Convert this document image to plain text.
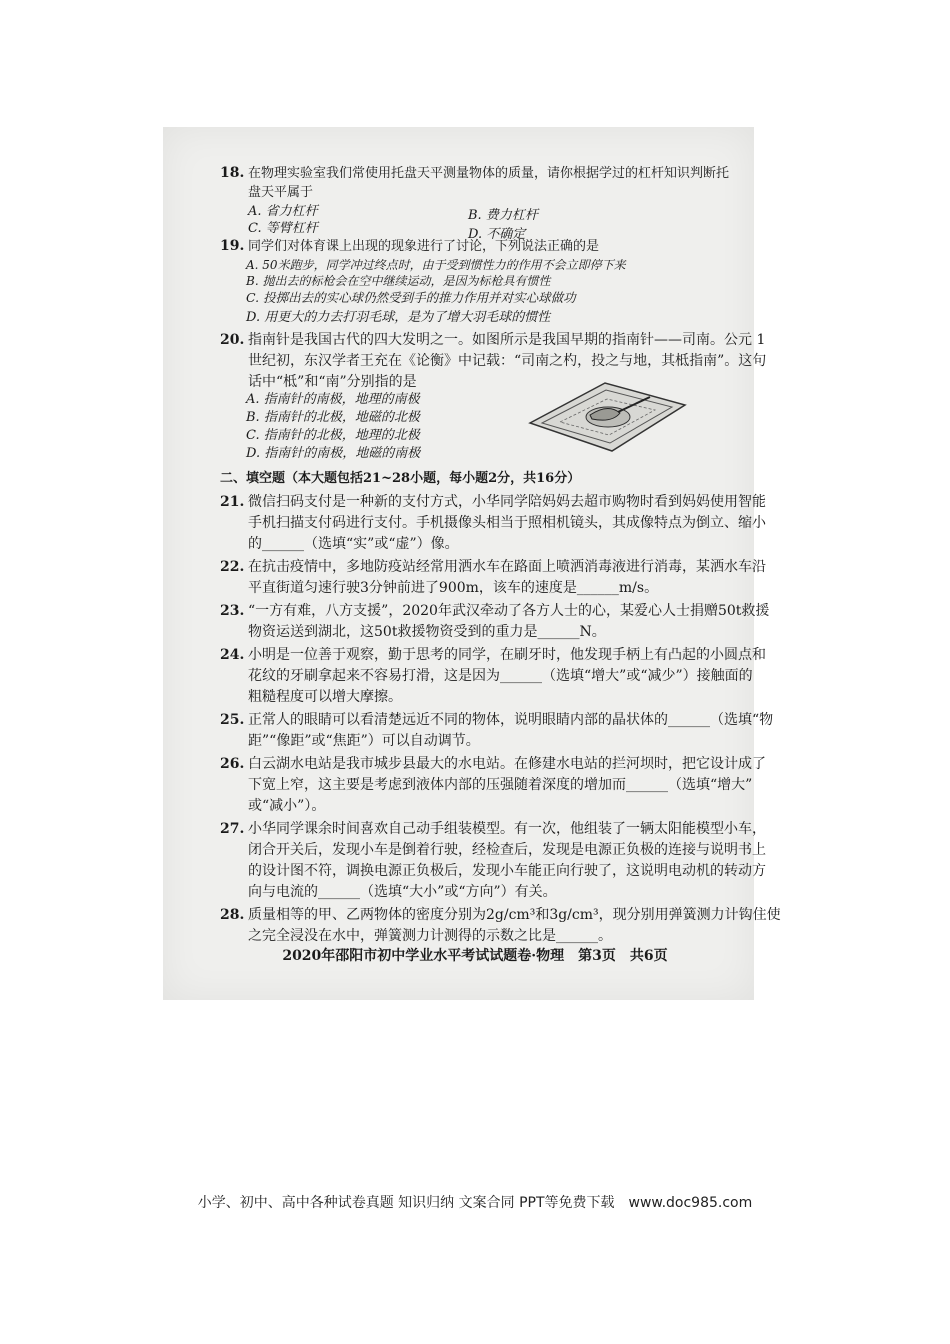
18. 在物理实验室我们常使用托盘天平测量物体的质量，请你根据学过的杠杆知识判断托
盘天平属于
A. 省力杠杆	B. 费力杠杆
C. 等臂杠杆	D. 不确定
19. 同学们对体育课上出现的现象进行了讨论，下列说法正确的是
A. 50米跑步，同学冲过终点时，由于受到惯性力的作用不会立即停下来
B. 抛出去的标枪会在空中继续运动，是因为标枪具有惯性
C. 投掷出去的实心球仍然受到手的推力作用并对实心球做功
D. 用更大的力去打羽毛球，是为了增大羽毛球的惯性
20. 指南针是我国古代的四大发明之一。如图所示是我国早期的指南针——司南。公元 1
世纪初，东汉学者王充在《论衡》中记载：“司南之杓，投之与地，其柢指南”。这句
话中“柢”和“南”分别指的是
A. 指南针的南极，地理的南极
B. 指南针的北极，地磁的北极
C. 指南针的北极，地理的北极
D. 指南针的南极，地磁的南极
二、填空题（本大题包括21~28小题，每小题2分，共16分）
21. 微信扫码支付是一种新的支付方式，小华同学陪妈妈去超市购物时看到妈妈使用智能
手机扫描支付码进行支付。手机摄像头相当于照相机镜头，其成像特点为倒立、缩小
的______（选填“实”或“虚”）像。
22. 在抗击疫情中，多地防疫站经常用洒水车在路面上喷洒消毒液进行消毒，某洒水车沿
平直街道匀速行驶3分钟前进了900m，该车的速度是______m/s。
23. “一方有难，八方支援”，2020年武汉牵动了各方人士的心，某爱心人士捐赠50t救援
物资运送到湖北，这50t救援物资受到的重力是______N。
24. 小明是一位善于观察，勤于思考的同学，在刷牙时，他发现手柄上有凸起的小圆点和
花纹的牙刷拿起来不容易打滑，这是因为______（选填“增大”或“减少”）接触面的
粗糙程度可以增大摩擦。
25. 正常人的眼睛可以看清楚远近不同的物体，说明眼睛内部的晶状体的______（选填“物
距”“像距”或“焦距”）可以自动调节。
26. 白云湖水电站是我市城步县最大的水电站。在修建水电站的拦河坝时，把它设计成了
下宽上窄，这主要是考虑到液体内部的压强随着深度的增加而______（选填“增大”
或“减小”）。
27. 小华同学课余时间喜欢自己动手组装模型。有一次，他组装了一辆太阳能模型小车，
闭合开关后，发现小车是倒着行驶，经检查后，发现是电源正负极的连接与说明书上
的设计图不符，调换电源正负极后，发现小车能正向行驶了，这说明电动机的转动方
向与电流的______（选填“大小”或“方向”）有关。
28. 质量相等的甲、乙两物体的密度分别为2g/cm³和3g/cm³，现分别用弹簧测力计钩住使
之完全浸没在水中，弹簧测力计测得的示数之比是______。
2020年邵阳市初中学业水平考试试题卷·物理　第3页　共6页
小学、初中、高中各种试卷真题 知识归纳 文案合同 PPT等免费下载　www.doc985.com
